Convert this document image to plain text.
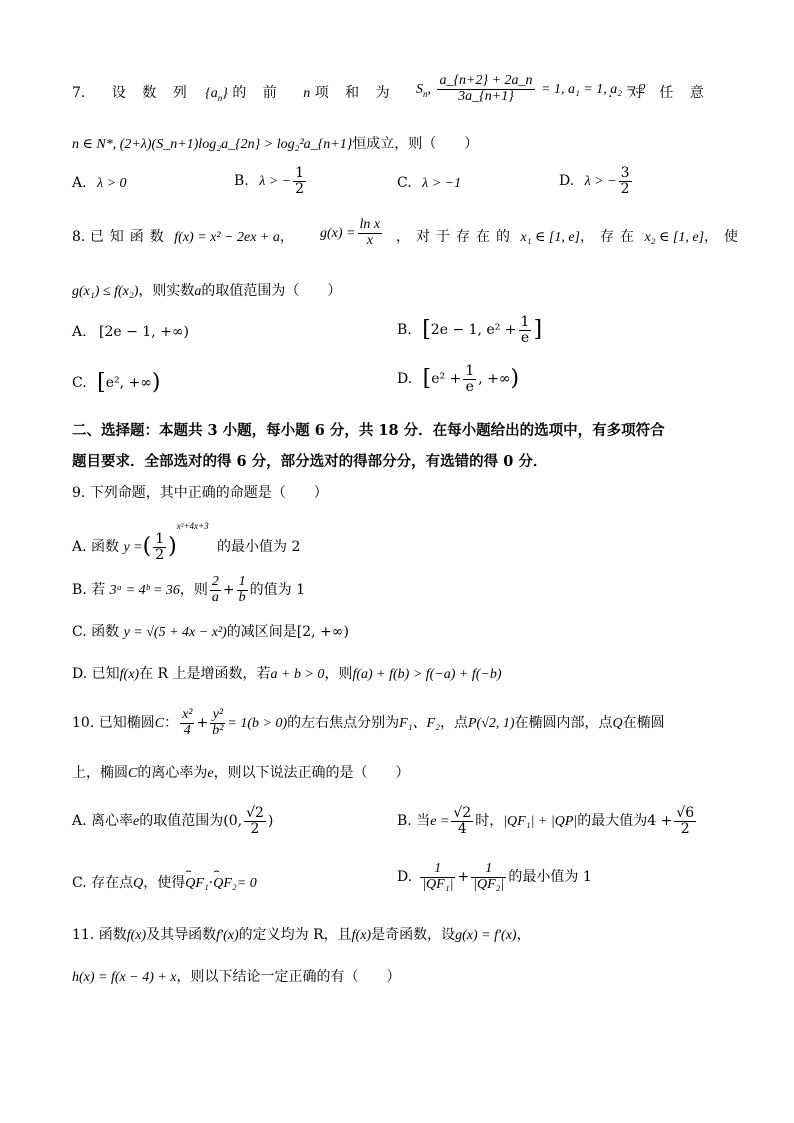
7. 设 数 列 $\{a_n\}$ 的 前 n 项 和 为 $S_n$, $\frac{a\_\{n+2\} + 2a\_n}{3a\_\{n+1\}} = 1$, a₁ = 1, a₂ = 2
. 对 任 意
n ∈ N*, (2+λ)(S_n+1)log₂a_{2n} > log₂²a_{n+1}恒成立，则（　　）
A. λ > 0	B. λ > − $\frac{1}{2}$	C. λ > −1	D. λ > − $\frac{3}{2}$
8. 已知函数 f(x) = x² − 2ex + a， $g(x) = \frac{\text{ln x}}{x}$ ，对于存在的 x₁ ∈ [1, e]，存在 x₂ ∈ [1, e]，使
g(x₁) ≤ f(x₂)，则实数a的取值范围为（　　）
A. [2e − 1, +∞)	B. [2e − 1, $e^2 + \frac{1}{e}$ ]
C. [e², +∞)	D. [$e^2 + \frac{1}{e}$ , +∞)
二、选择题：本题共 3 小题，每小题 6 分，共 18 分．在每小题给出的选项中，有多项符合
题目要求．全部选对的得 6 分，部分选对的得部分分，有选错的得 0 分．
9. 下列命题，其中正确的命题是（　　）
A. 函数 y =( $\frac{1}{2} )^{x^2+4x+3}$ 的最小值为 2
B. 若 3ᵃ = 4ᵇ = 36，则 $\frac{2}{a} + \frac{1}{b}$ 的值为 1
C. 函数 y = √(5 + 4x − x²)的减区间是[2, +∞)
D. 已知f(x)在 R 上是增函数，若a + b > 0，则f(a) + f(b) > f(−a) + f(−b)
10. 已知椭圆C： $\frac{\text{x²}}{4} + \frac{\text{y²}}{\text{b²}} = 1(b > 0)$的左右焦点分别为F₁、F₂，点P(√2, 1)在椭圆内部，点Q在椭圆
上，椭圆C的离心率为e，则以下说法正确的是（　　）
A. 离心率e的取值范围为(0, $\frac{√2}{2}$ )	B. 当$e = \frac{√2}{4}$ 时，|QF₁| + |QP|的最大值为$4 + \frac{√6}{2}$
C. 存在点Q，使得⌢ QF₁·⌢ QF₂= 0	D. $\frac{1}{\text{|QF₁|}} + \frac{1}{\text{|QF₂|}}$ 的最小值为 1
11. 函数f(x)及其导函数f′(x)的定义均为 R，且f(x)是奇函数，设g(x) = f′(x)，
h(x) = f(x − 4) + x，则以下结论一定正确的有（　　）
